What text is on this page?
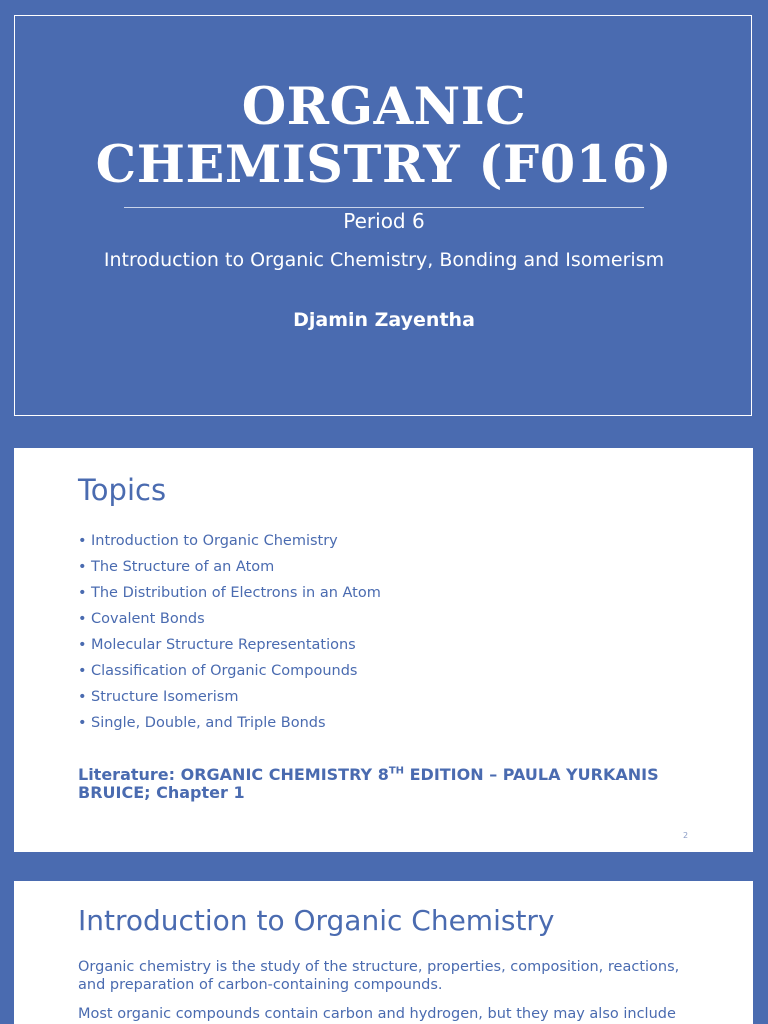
ORGANIC
CHEMISTRY (F016)
Period 6
Introduction to Organic Chemistry, Bonding and Isomerism
Djamin Zayentha
Topics
• Introduction to Organic Chemistry
• The Structure of an Atom
• The Distribution of Electrons in an Atom
• Covalent Bonds
• Molecular Structure Representations
• Classification of Organic Compounds
• Structure Isomerism
• Single, Double, and Triple Bonds
Literature: ORGANIC CHEMISTRY 8TH EDITION – PAULA YURKANIS BRUICE; Chapter 1
2
Introduction to Organic Chemistry
Organic chemistry is the study of the structure, properties, composition, reactions, and preparation of carbon-containing compounds.
Most organic compounds contain carbon and hydrogen, but they may also include
